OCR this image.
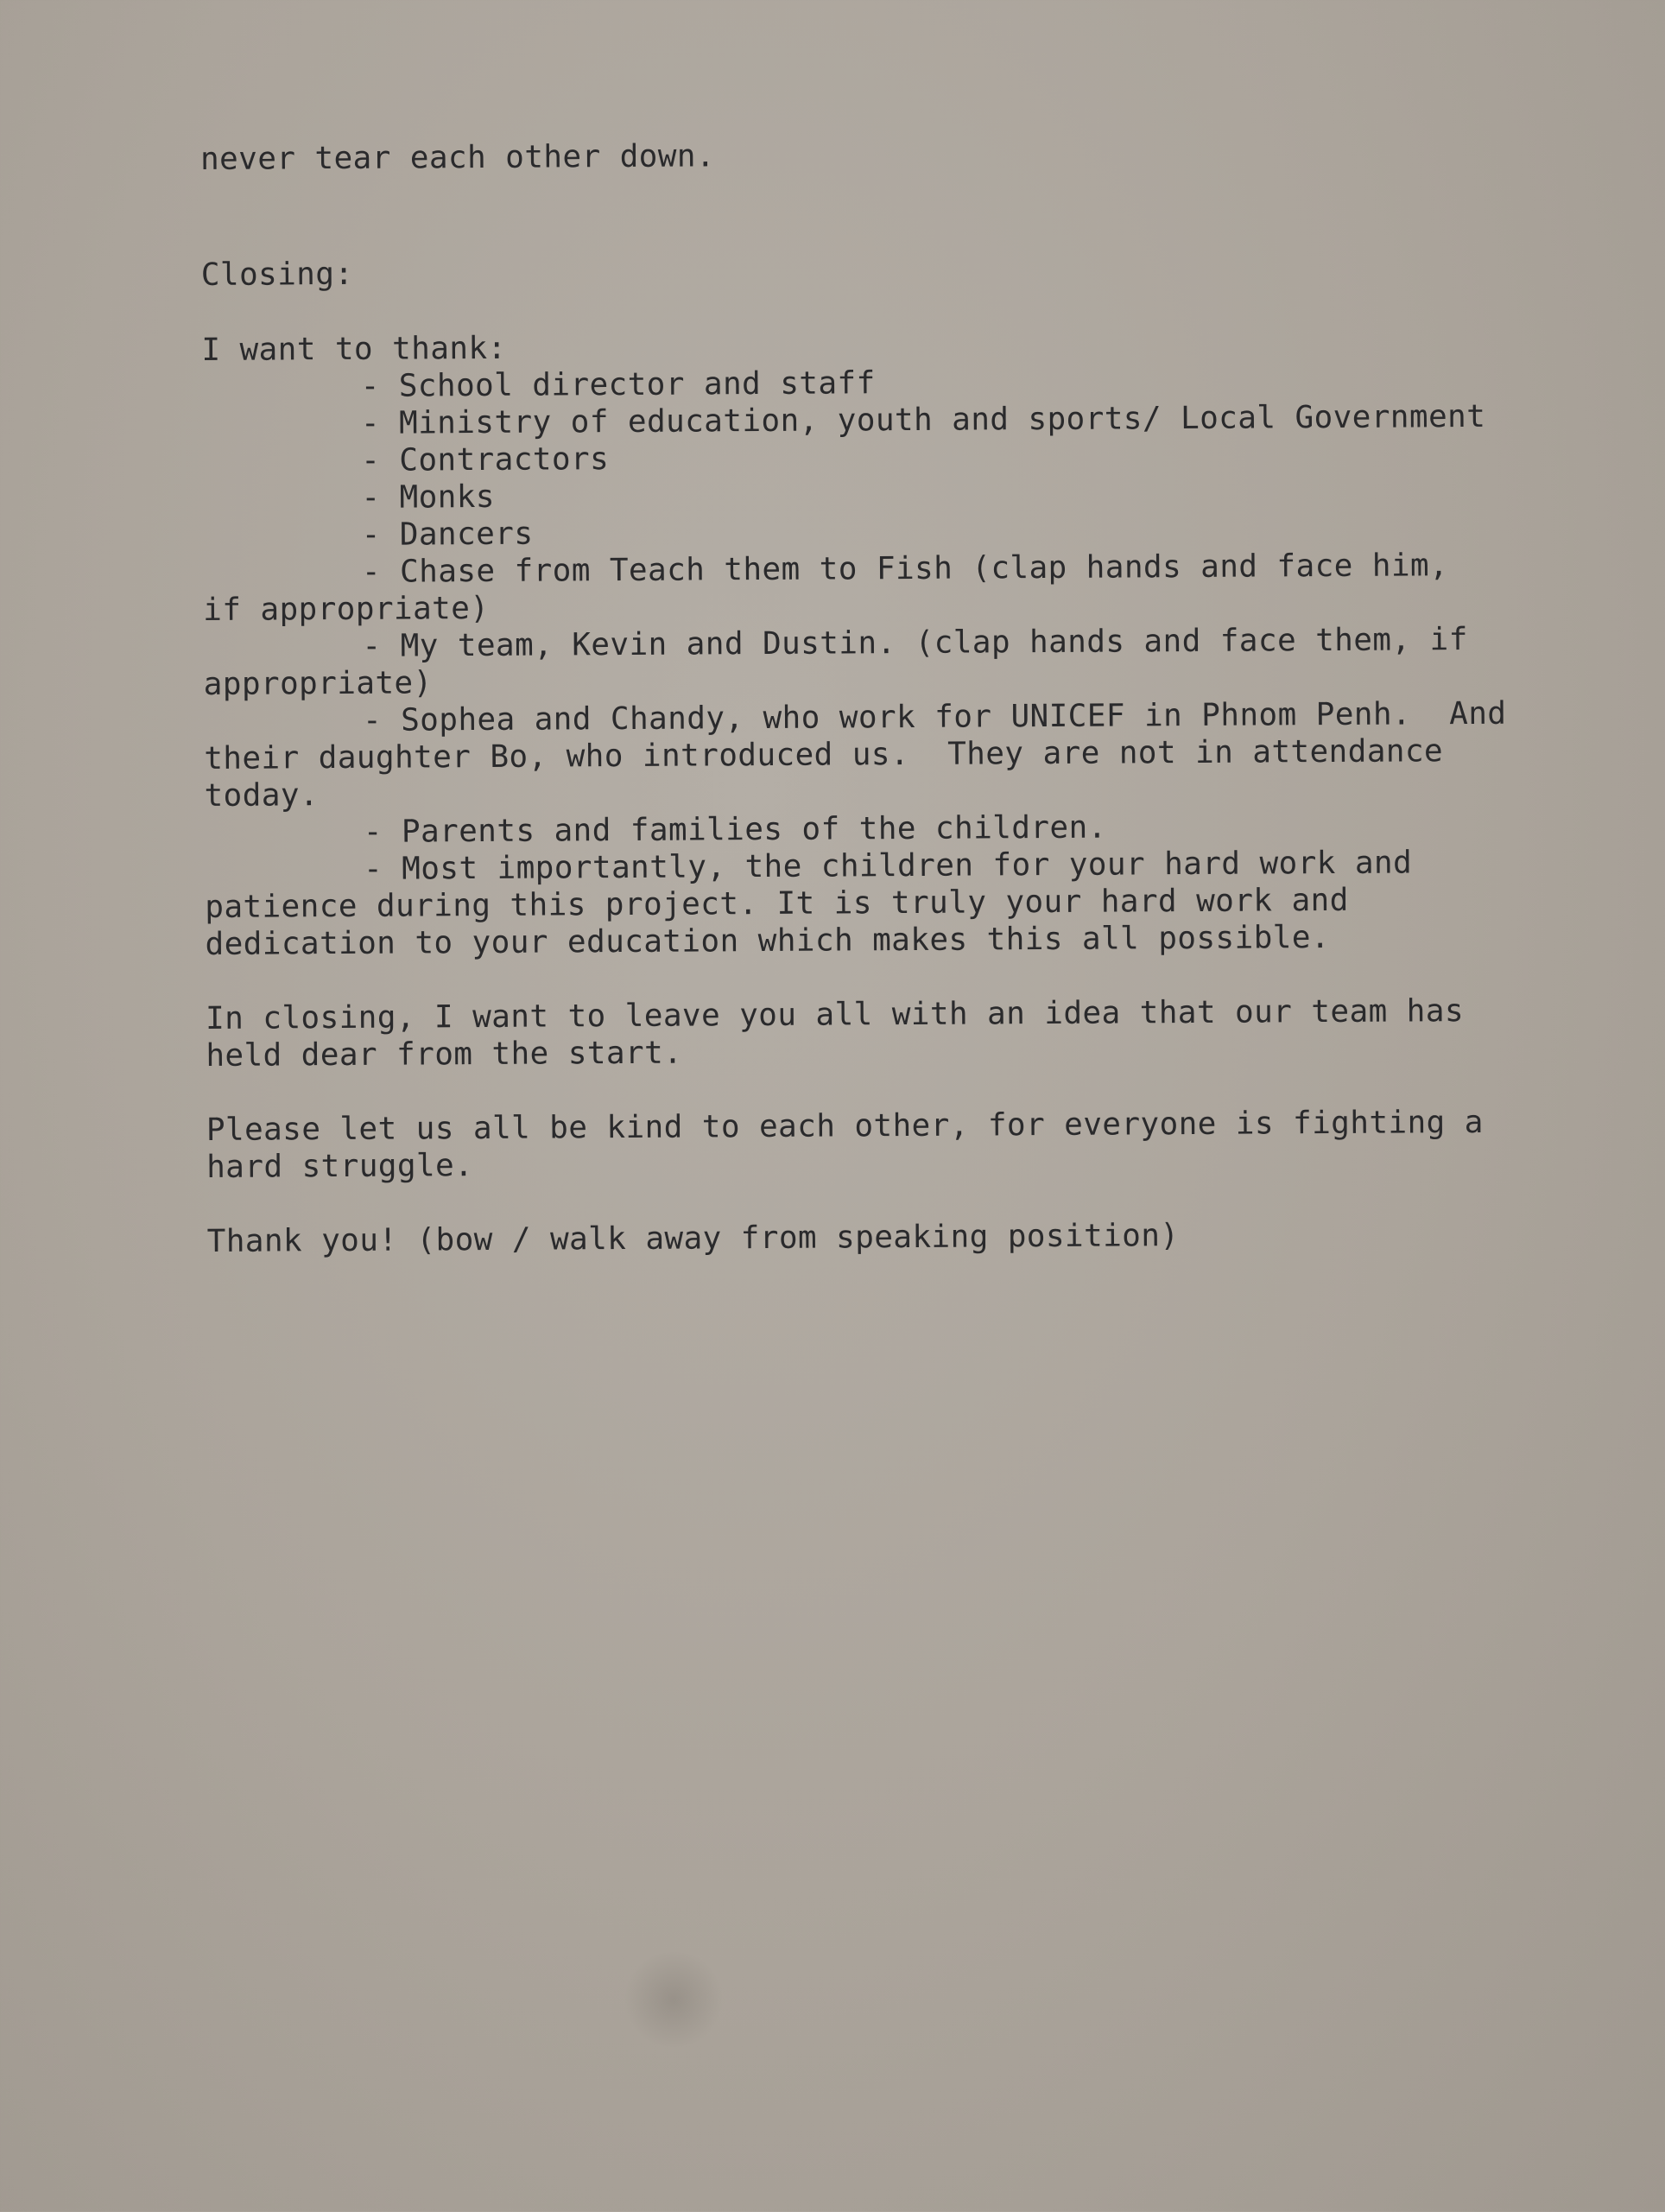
never tear each other down.
Closing:
I want to thank:
- School director and staff
- Ministry of education, youth and sports/ Local Government
- Contractors
- Monks
- Dancers
- Chase from Teach them to Fish (clap hands and face him,
if appropriate)
- My team, Kevin and Dustin. (clap hands and face them, if
appropriate)
- Sophea and Chandy, who work for UNICEF in Phnom Penh.  And
their daughter Bo, who introduced us.  They are not in attendance
today.
- Parents and families of the children.
- Most importantly, the children for your hard work and
patience during this project. It is truly your hard work and
dedication to your education which makes this all possible.
In closing, I want to leave you all with an idea that our team has
held dear from the start.
Please let us all be kind to each other, for everyone is fighting a
hard struggle.
Thank you! (bow / walk away from speaking position)
